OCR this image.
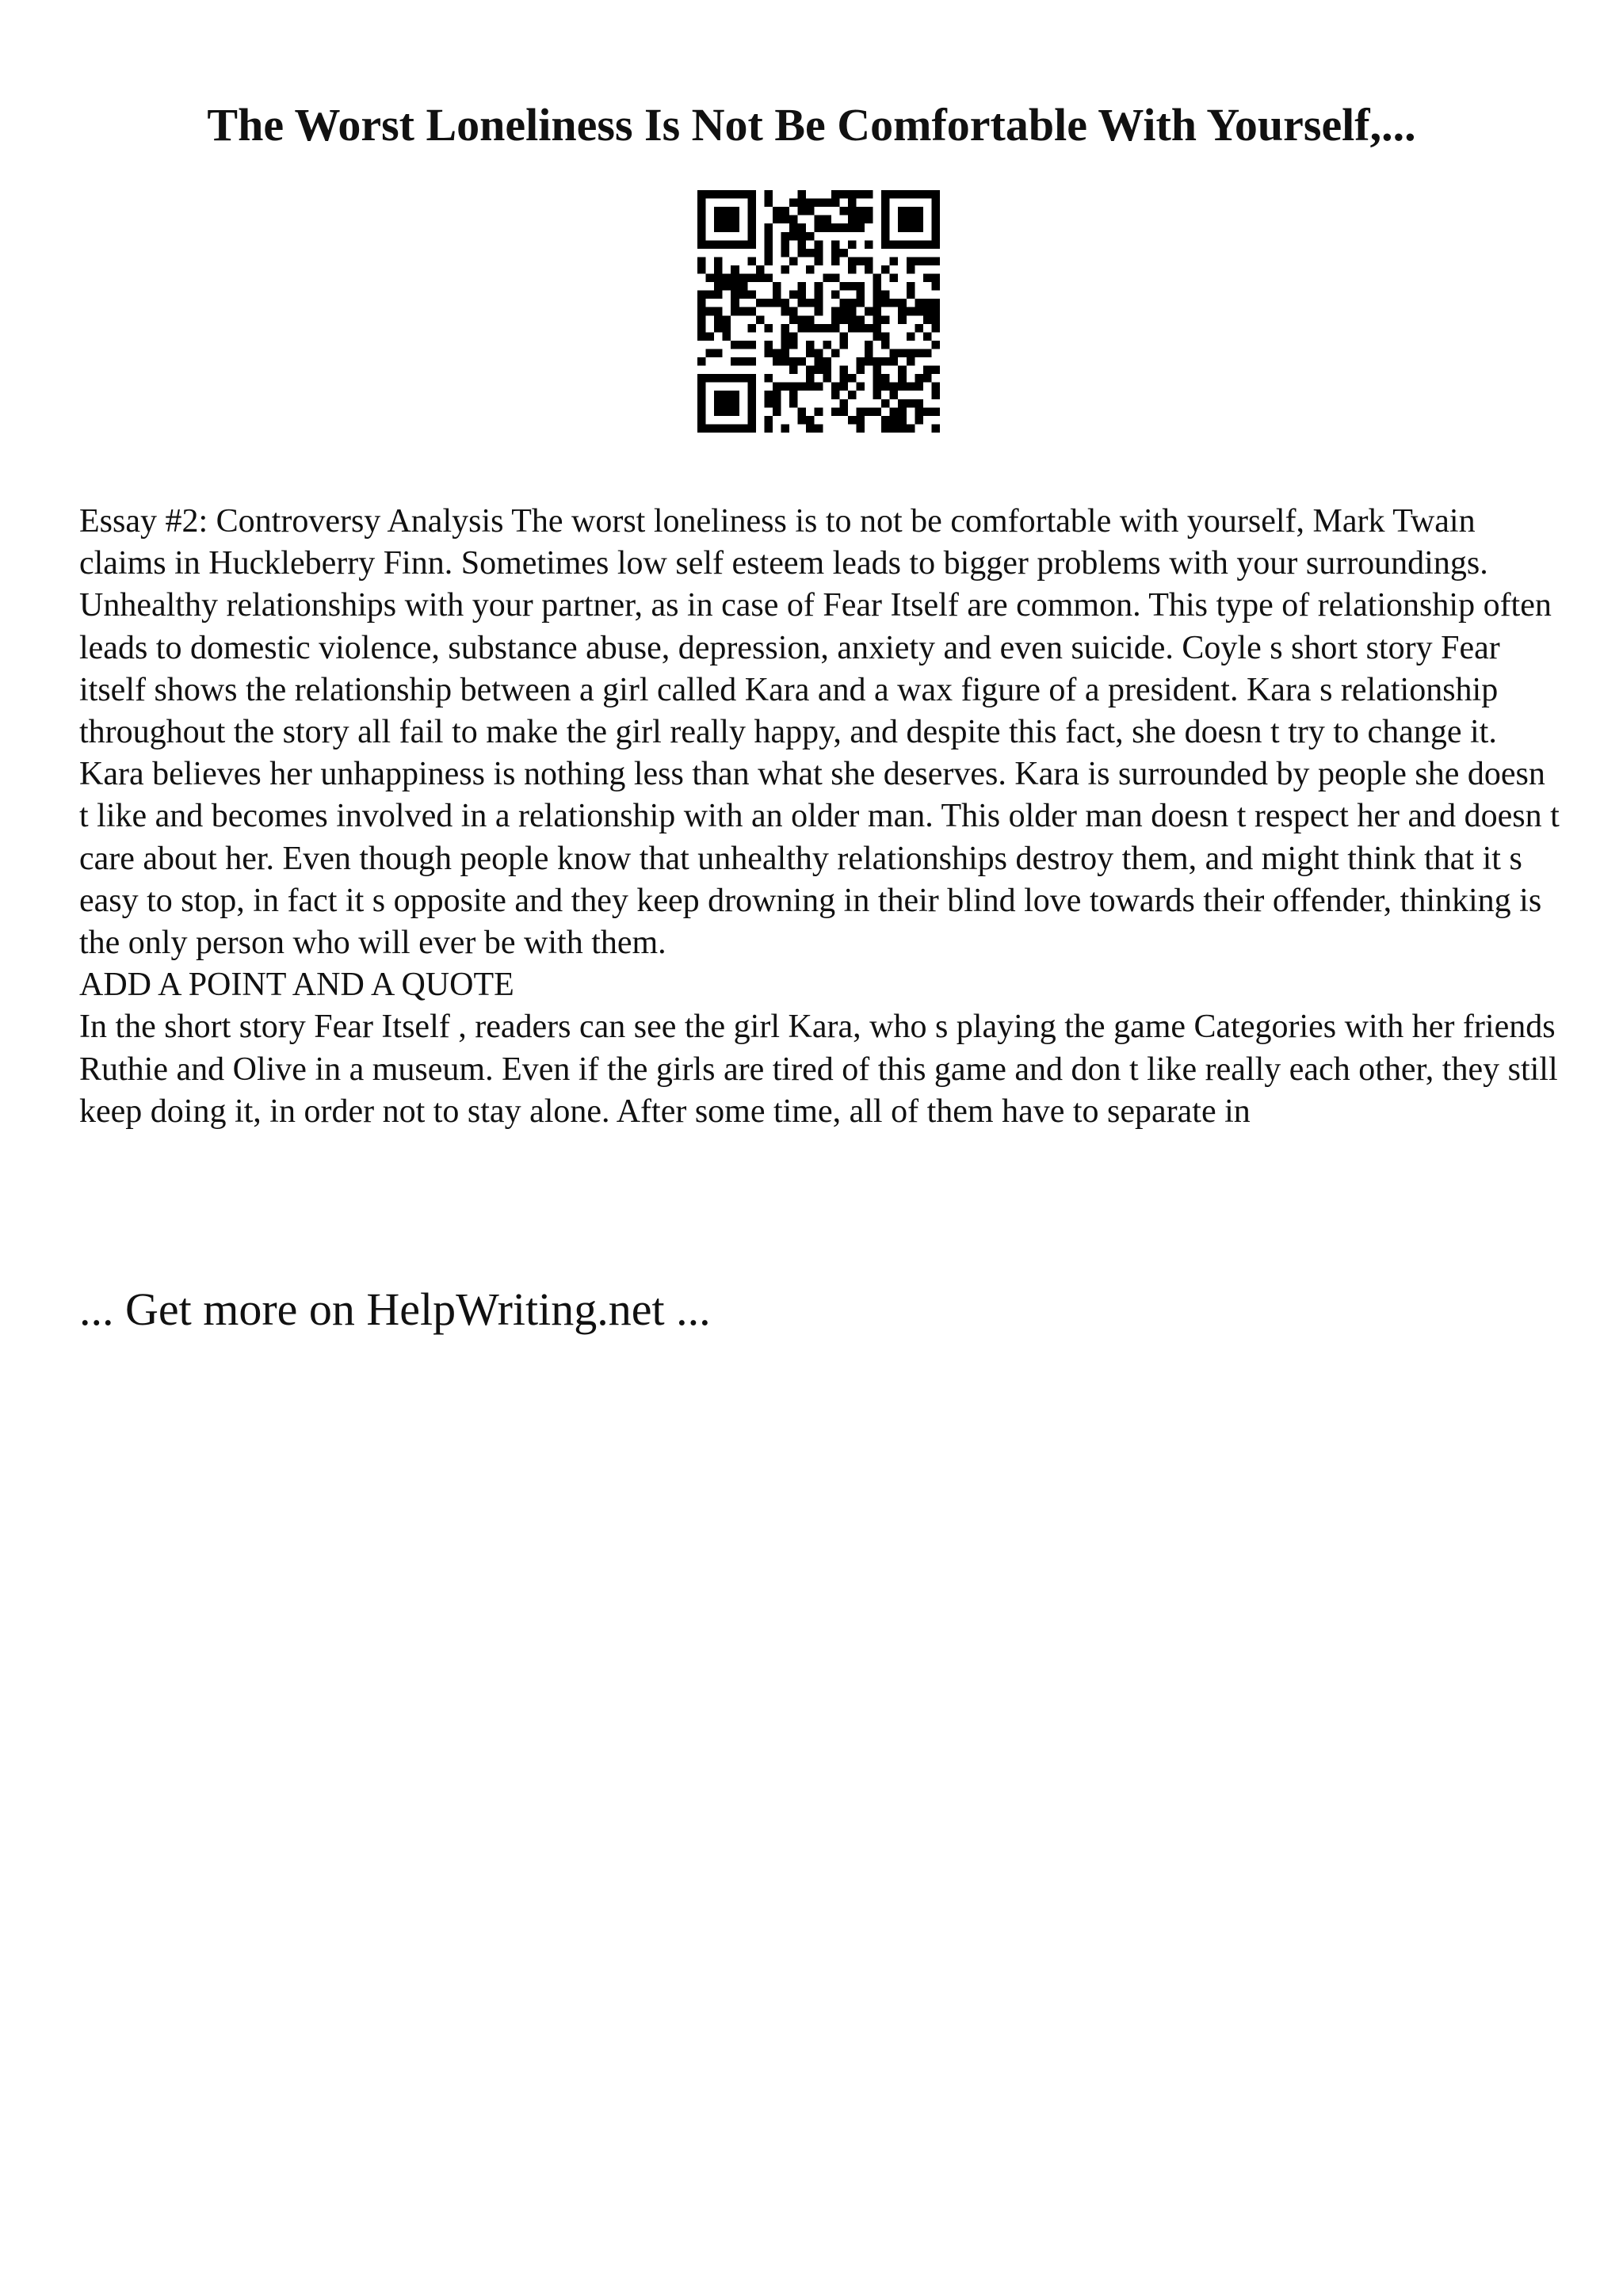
The Worst Loneliness Is Not Be Comfortable With Yourself,...

Essay #2: Controversy Analysis The worst loneliness is to not be comfortable with yourself, Mark Twain claims in Huckleberry Finn. Sometimes low self esteem leads to bigger problems with your surroundings. Unhealthy relationships with your partner, as in case of Fear Itself are common. This type of relationship often leads to domestic violence, substance abuse, depression, anxiety and even suicide. Coyle s short story Fear itself shows the relationship between a girl called Kara and a wax figure of a president. Kara s relationship throughout the story all fail to make the girl really happy, and despite this fact, she doesn t try to change it. Kara believes her unhappiness is nothing less than what she deserves. Kara is surrounded by people she doesn t like and becomes involved in a relationship with an older man. This older man doesn t respect her and doesn t care about her. Even though people know that unhealthy relationships destroy them, and might think that it s easy to stop, in fact it s opposite and they keep drowning in their blind love towards their offender, thinking is the only person who will ever be with them.

ADD A POINT AND A QUOTE

In the short story Fear Itself , readers can see the girl Kara, who s playing the game Categories with her friends Ruthie and Olive in a museum. Even if the girls are tired of this game and don t like really each other, they still keep doing it, in order not to stay alone. After some time, all of them have to separate in

... Get more on HelpWriting.net ...
